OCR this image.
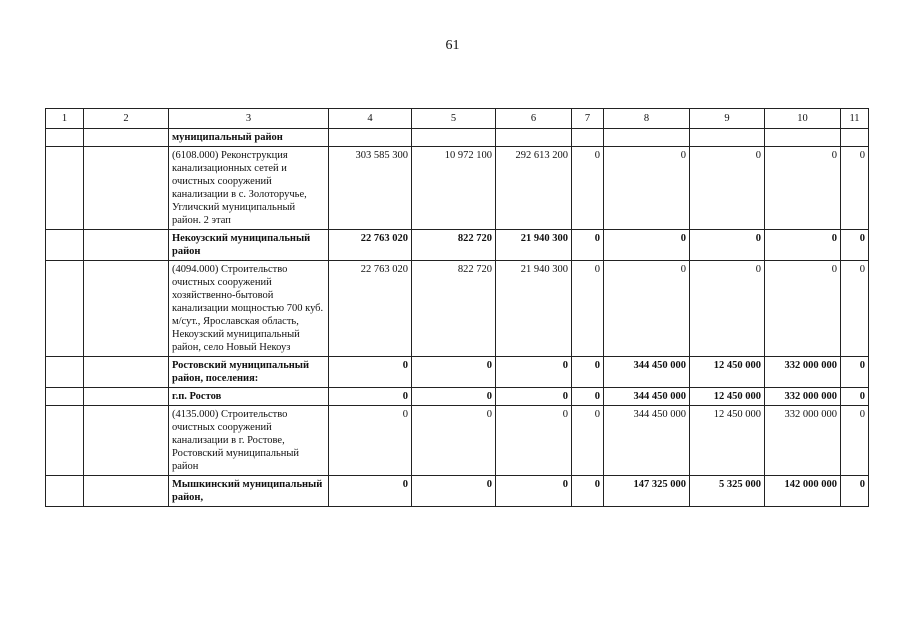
61
1	2	3	4	5	6	7	8	9	10	11
		муниципальный район								
		(6108.000) Реконструкция канализационных сетей и очистных сооружений канализации в с. Золоторучье, Угличский муниципальный район. 2 этап	303 585 300	10 972 100	292 613 200	0	0	0	0	0
		Некоузский муниципальный район	22 763 020	822 720	21 940 300	0	0	0	0	0
		(4094.000) Строительство очистных сооружений хозяйственно-бытовой канализации мощностью 700 куб. м/сут., Ярославская область, Некоузский муниципальный район, село Новый Некоуз	22 763 020	822 720	21 940 300	0	0	0	0	0
		Ростовский муниципальный район, поселения:	0	0	0	0	344 450 000	12 450 000	332 000 000	0
		г.п. Ростов	0	0	0	0	344 450 000	12 450 000	332 000 000	0
		(4135.000) Строительство очистных сооружений канализации в г. Ростове, Ростовский муниципальный район	0	0	0	0	344 450 000	12 450 000	332 000 000	0
		Мышкинский муниципальный район,	0	0	0	0	147 325 000	5 325 000	142 000 000	0
